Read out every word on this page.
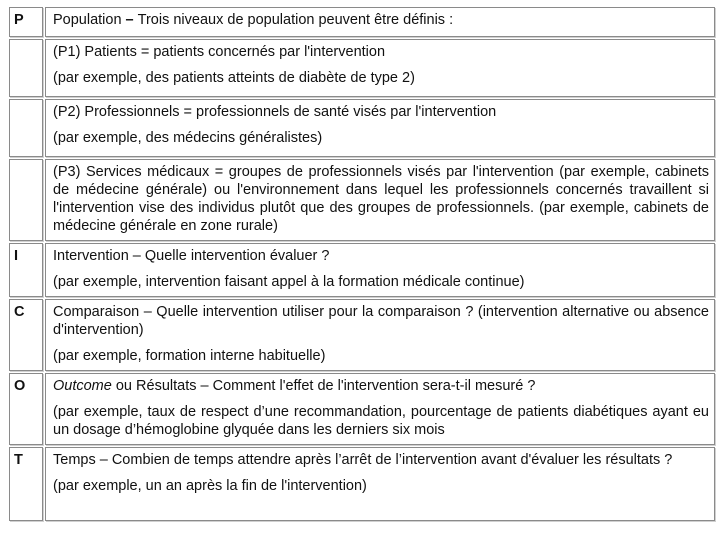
P	Population – Trois niveaux de population peuvent être définis :

	(P1) Patients = patients concernés par l'intervention
(par exemple, des patients atteints de diabète de type 2)

	(P2) Professionnels = professionnels de santé visés par l'intervention
(par exemple, des médecins généralistes)

	(P3) Services médicaux = groupes de professionnels visés par l'intervention (par exemple, cabinets de médecine générale) ou l'environnement dans lequel les professionnels concernés travaillent si l'intervention vise des individus plutôt que des groupes de professionnels. (par exemple, cabinets de médecine générale en zone rurale)

I	Intervention – Quelle intervention évaluer ?
(par exemple, intervention faisant appel à la formation médicale continue)

C	Comparaison – Quelle intervention utiliser pour la comparaison ? (intervention alternative ou absence d'intervention)
(par exemple, formation interne habituelle)

O	Outcome ou Résultats – Comment l'effet de l'intervention sera-t-il mesuré ?
(par exemple, taux de respect d’une recommandation, pourcentage de patients diabétiques ayant eu un dosage d’hémoglobine glyquée dans les derniers six mois

T	Temps – Combien de temps attendre après l’arrêt de l’intervention avant d'évaluer les résultats ?
(par exemple, un an après la fin de l'intervention)
